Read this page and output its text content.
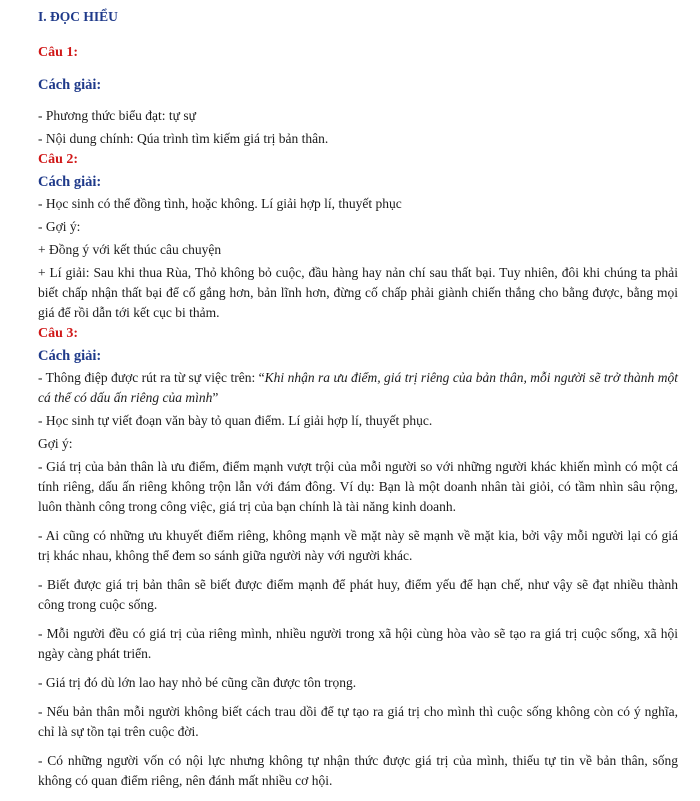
I. ĐỌC HIỂU
Câu 1:
Cách giải:
- Phương thức biểu đạt: tự sự
- Nội dung chính: Qúa trình tìm kiếm giá trị bản thân.
Câu 2:
Cách giải:
- Học sinh có thể đồng tình, hoặc không. Lí giải hợp lí, thuyết phục
- Gợi ý:
+ Đồng ý với kết thúc câu chuyện
+ Lí giải: Sau khi thua Rùa, Thỏ không bỏ cuộc, đầu hàng hay nản chí sau thất bại. Tuy nhiên, đôi khi chúng ta phải biết chấp nhận thất bại để cố gắng hơn, bản lĩnh hơn, đừng cố chấp phải giành chiến thắng cho bằng được, bằng mọi giá để rồi dẫn tới kết cục bi thảm.
Câu 3:
Cách giải:
- Thông điệp được rút ra từ sự việc trên: “Khi nhận ra ưu điểm, giá trị riêng của bản thân, mỗi người sẽ trở thành một cá thể có dấu ấn riêng của mình”
- Học sinh tự viết đoạn văn bày tỏ quan điểm. Lí giải hợp lí, thuyết phục.
Gợi ý:
- Giá trị của bản thân là ưu điểm, điểm mạnh vượt trội của mỗi người so với những người khác khiến mình có một cá tính riêng, dấu ấn riêng không trộn lẫn với đám đông. Ví dụ: Bạn là một doanh nhân tài giỏi, có tầm nhìn sâu rộng, luôn thành công trong công việc, giá trị của bạn chính là tài năng kinh doanh.
- Ai cũng có những ưu khuyết điểm riêng, không mạnh về mặt này sẽ mạnh về mặt kia, bởi vậy mỗi người lại có giá trị khác nhau, không thể đem so sánh giữa người này với người khác.
- Biết được giá trị bản thân sẽ biết được điểm mạnh để phát huy, điểm yếu để hạn chế, như vậy sẽ đạt nhiều thành công trong cuộc sống.
- Mỗi người đều có giá trị của riêng mình, nhiều người trong xã hội cùng hòa vào sẽ tạo ra giá trị cuộc sống, xã hội ngày càng phát triển.
- Giá trị đó dù lớn lao hay nhỏ bé cũng cần được tôn trọng.
- Nếu bản thân mỗi người không biết cách trau dồi để tự tạo ra giá trị cho mình thì cuộc sống không còn có ý nghĩa, chỉ là sự tồn tại trên cuộc đời.
- Có những người vốn có nội lực nhưng không tự nhận thức được giá trị của mình, thiếu tự tin về bản thân, sống không có quan điểm riêng, nên đánh mất nhiều cơ hội.
